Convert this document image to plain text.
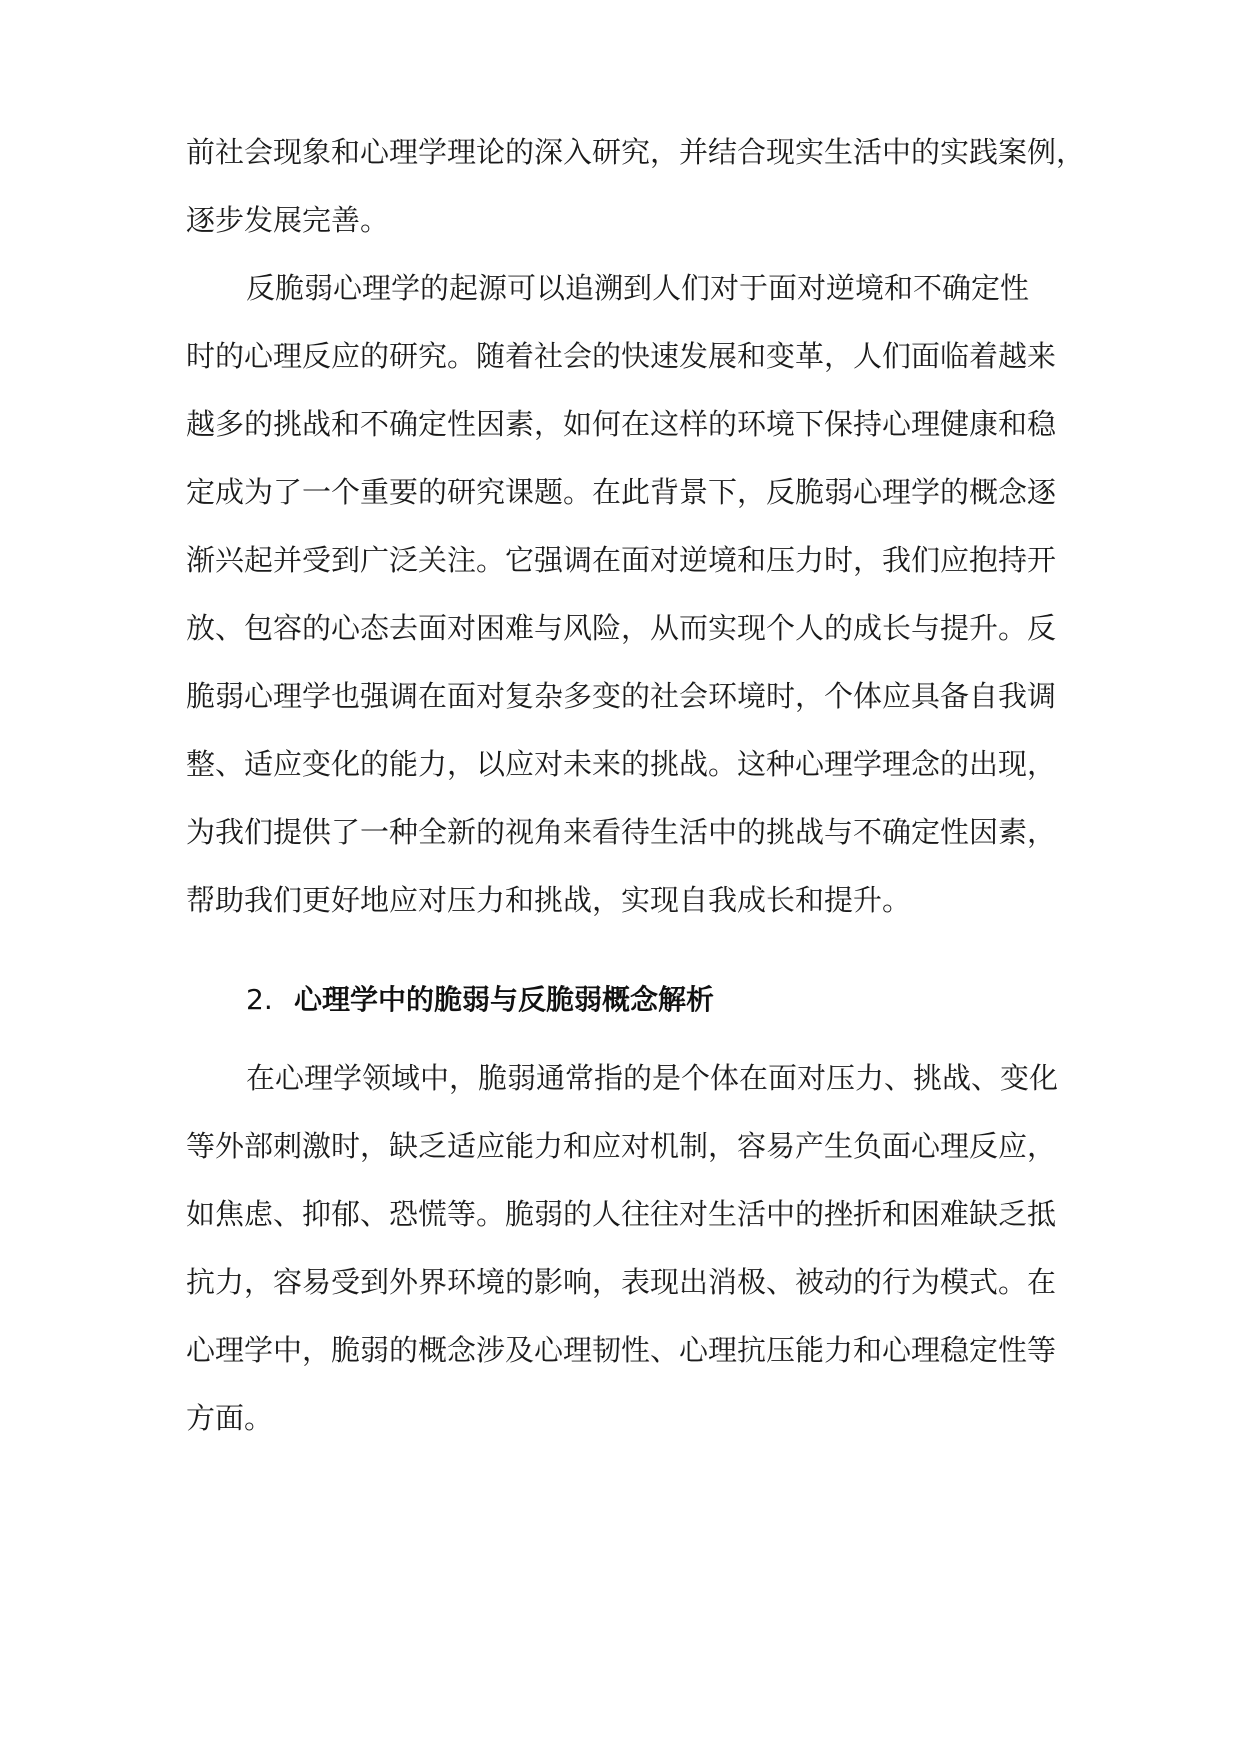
前社会现象和心理学理论的深入研究，并结合现实生活中的实践案例，
逐步发展完善。
反脆弱心理学的起源可以追溯到人们对于面对逆境和不确定性
时的心理反应的研究。随着社会的快速发展和变革，人们面临着越来
越多的挑战和不确定性因素，如何在这样的环境下保持心理健康和稳
定成为了一个重要的研究课题。在此背景下，反脆弱心理学的概念逐
渐兴起并受到广泛关注。它强调在面对逆境和压力时，我们应抱持开
放、包容的心态去面对困难与风险，从而实现个人的成长与提升。反
脆弱心理学也强调在面对复杂多变的社会环境时，个体应具备自我调
整、适应变化的能力，以应对未来的挑战。这种心理学理念的出现，
为我们提供了一种全新的视角来看待生活中的挑战与不确定性因素，
帮助我们更好地应对压力和挑战，实现自我成长和提升。
2. 心理学中的脆弱与反脆弱概念解析
在心理学领域中，脆弱通常指的是个体在面对压力、挑战、变化
等外部刺激时，缺乏适应能力和应对机制，容易产生负面心理反应，
如焦虑、抑郁、恐慌等。脆弱的人往往对生活中的挫折和困难缺乏抵
抗力，容易受到外界环境的影响，表现出消极、被动的行为模式。在
心理学中，脆弱的概念涉及心理韧性、心理抗压能力和心理稳定性等
方面。
